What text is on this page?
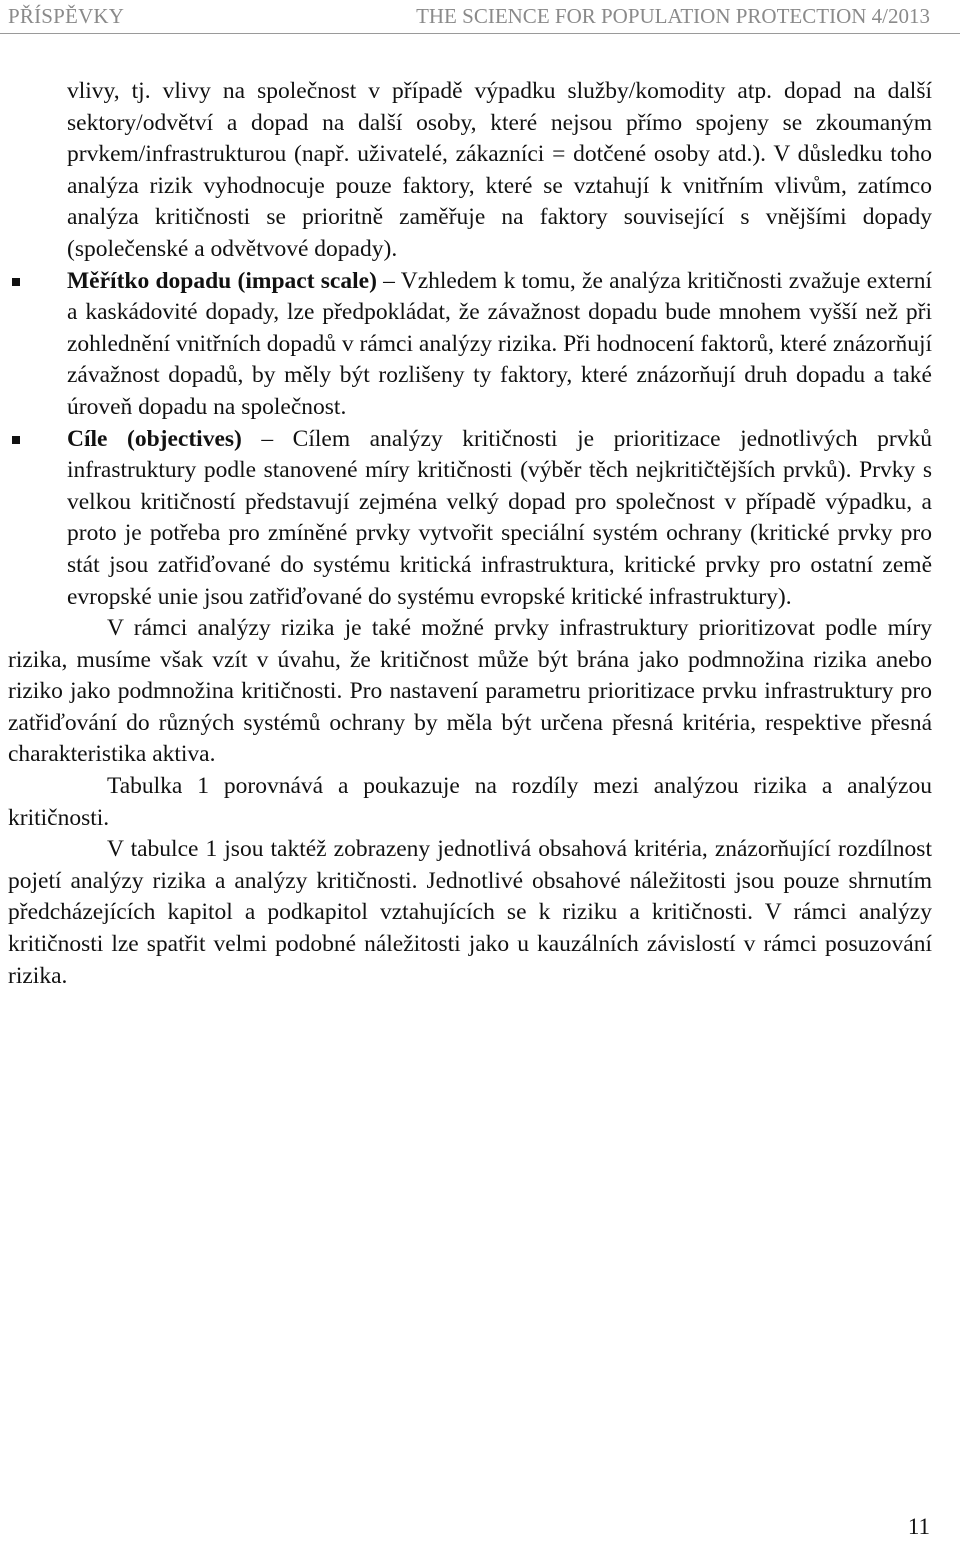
PŘÍSPĚVKY	THE SCIENCE FOR POPULATION PROTECTION 4/2013

vlivy, tj. vlivy na společnost v případě výpadku služby/komodity atp. dopad na další sektory/odvětví a dopad na další osoby, které nejsou přímo spojeny se zkoumaným prvkem/infrastrukturou (např. uživatelé, zákazníci = dotčené osoby atd.). V důsledku toho analýza rizik vyhodnocuje pouze faktory, které se vztahují k vnitřním vlivům, zatímco analýza kritičnosti se prioritně zaměřuje na faktory související s vnějšími dopady (společenské a odvětvové dopady).

Měřítko dopadu (impact scale) – Vzhledem k tomu, že analýza kritičnosti zvažuje externí a kaskádovité dopady, lze předpokládat, že závažnost dopadu bude mnohem vyšší než při zohlednění vnitřních dopadů v rámci analýzy rizika. Při hodnocení faktorů, které znázorňují závažnost dopadů, by měly být rozlišeny ty faktory, které znázorňují druh dopadu a také úroveň dopadu na společnost.

Cíle (objectives) – Cílem analýzy kritičnosti je prioritizace jednotlivých prvků infrastruktury podle stanovené míry kritičnosti (výběr těch nejkritičtějších prvků). Prvky s velkou kritičností představují zejména velký dopad pro společnost v případě výpadku, a proto je potřeba pro zmíněné prvky vytvořit speciální systém ochrany (kritické prvky pro stát jsou zatřiďované do systému kritická infrastruktura, kritické prvky pro ostatní země evropské unie jsou zatřiďované do systému evropské kritické infrastruktury).

V rámci analýzy rizika je také možné prvky infrastruktury prioritizovat podle míry rizika, musíme však vzít v úvahu, že kritičnost může být brána jako podmnožina rizika anebo riziko jako podmnožina kritičnosti. Pro nastavení parametru prioritizace prvku infrastruktury pro zatřiďování do různých systémů ochrany by měla být určena přesná kritéria, respektive přesná charakteristika aktiva.

Tabulka 1 porovnává a poukazuje na rozdíly mezi analýzou rizika a analýzou kritičnosti.

V tabulce 1 jsou taktéž zobrazeny jednotlivá obsahová kritéria, znázorňující rozdílnost pojetí analýzy rizika a analýzy kritičnosti. Jednotlivé obsahové náležitosti jsou pouze shrnutím předcházejících kapitol a podkapitol vztahujících se k riziku a kritičnosti. V rámci analýzy kritičnosti lze spatřit velmi podobné náležitosti jako u kauzálních závislostí v rámci posuzování rizika.

11
